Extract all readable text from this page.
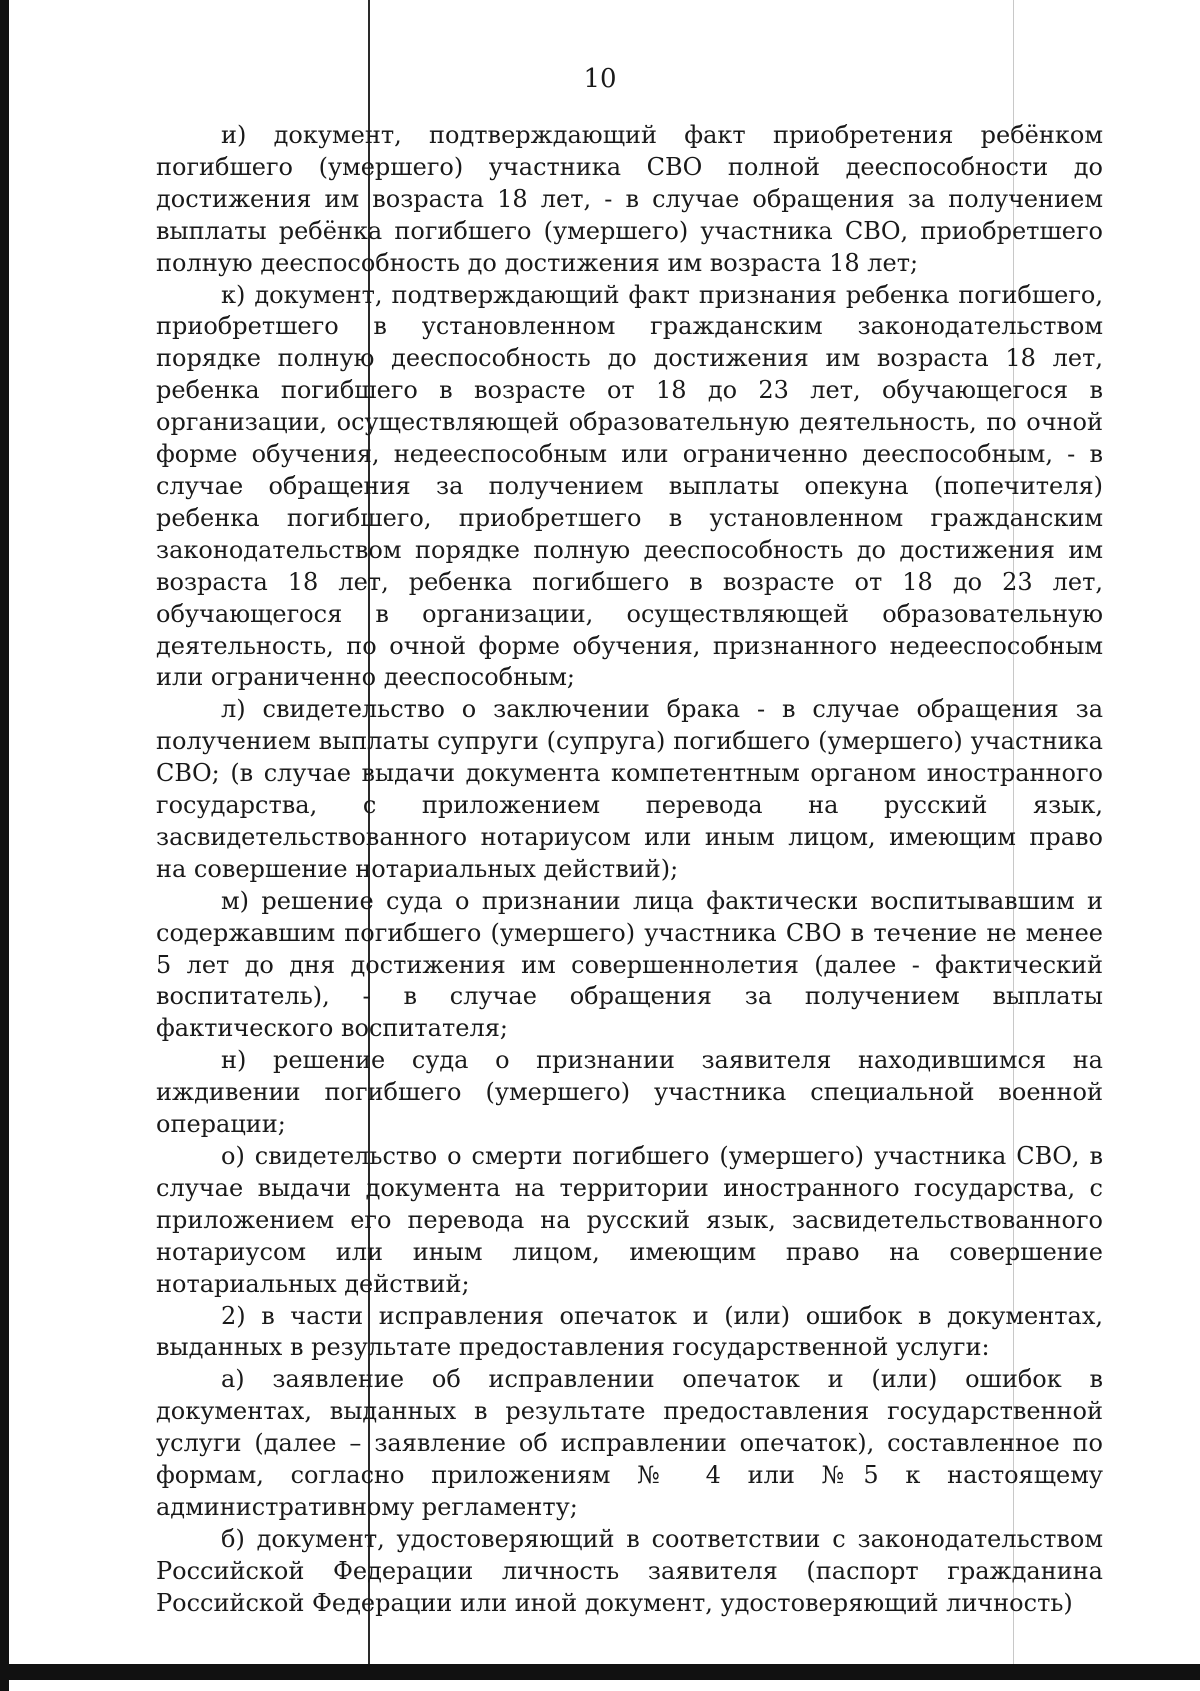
10

и) документ, подтверждающий факт приобретения ребёнком погибшего (умершего) участника СВО полной дееспособности до достижения им возраста 18 лет, - в случае обращения за получением выплаты ребёнка погибшего (умершего) участника СВО, приобретшего полную дееспособность до достижения им возраста 18 лет;

к) документ, подтверждающий факт признания ребенка погибшего, приобретшего в установленном гражданским законодательством порядке полную дееспособность до достижения им возраста 18 лет, ребенка погибшего в возрасте от 18 до 23 лет, обучающегося в организации, осуществляющей образовательную деятельность, по очной форме обучения, недееспособным или ограниченно дееспособным, - в случае обращения за получением выплаты опекуна (попечителя) ребенка погибшего, приобретшего в установленном гражданским законодательством порядке полную дееспособность до достижения им возраста 18 лет, ребенка погибшего в возрасте от 18 до 23 лет, обучающегося в организации, осуществляющей образовательную деятельность, по очной форме обучения, признанного недееспособным или ограниченно дееспособным;

л) свидетельство о заключении брака - в случае обращения за получением выплаты супруги (супруга) погибшего (умершего) участника СВО; (в случае выдачи документа компетентным органом иностранного государства, с приложением перевода на русский язык, засвидетельствованного нотариусом или иным лицом, имеющим право на совершение нотариальных действий);

м) решение суда о признании лица фактически воспитывавшим и содержавшим погибшего (умершего) участника СВО в течение не менее 5 лет до дня достижения им совершеннолетия (далее - фактический воспитатель), - в случае обращения за получением выплаты фактического воспитателя;

н) решение суда о признании заявителя находившимся на иждивении погибшего (умершего) участника специальной военной операции;

о) свидетельство о смерти погибшего (умершего) участника СВО, в случае выдачи документа на территории иностранного государства, с приложением его перевода на русский язык, засвидетельствованного нотариусом или иным лицом, имеющим право на совершение нотариальных действий;

2) в части исправления опечаток и (или) ошибок в документах, выданных в результате предоставления государственной услуги:

а) заявление об исправлении опечаток и (или) ошибок в документах, выданных в результате предоставления государственной услуги (далее – заявление об исправлении опечаток), составленное по формам, согласно приложениям № 4 или №5 к настоящему административному регламенту;

б) документ, удостоверяющий в соответствии с законодательством Российской Федерации личность заявителя (паспорт гражданина Российской Федерации или иной документ, удостоверяющий личность)
